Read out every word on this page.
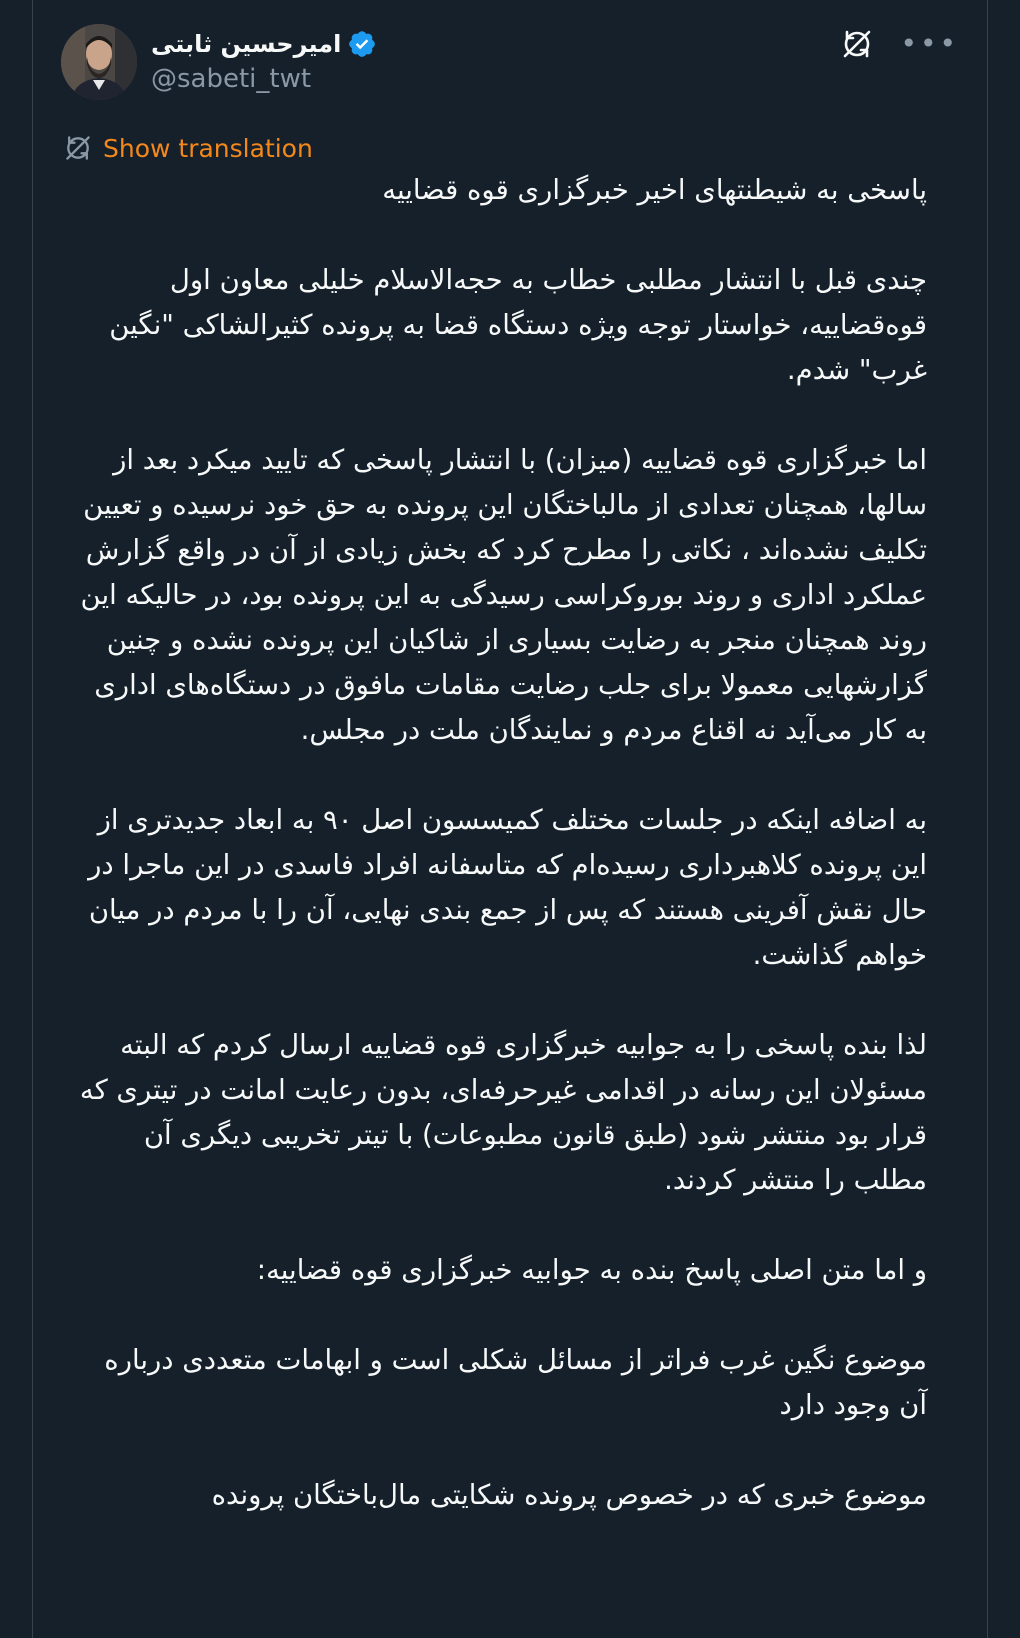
امیرحسین ثابتی
@sabeti_twt
•••
Show translation

پاسخی به شیطنتهای اخیر خبرگزاری قوه قضاییه

چندی قبل با انتشار مطلبی خطاب به حجه‌الاسلام خلیلی معاون اول قوه‌قضاییه، خواستار توجه ویژه دستگاه قضا به پرونده کثیرالشاکی "نگین غرب" شدم.

اما خبرگزاری قوه قضاییه (میزان) با انتشار پاسخی که تایید میکرد بعد از سالها، همچنان تعدادی از مالباختگان این پرونده به حق خود نرسیده و تعیین تکلیف نشده‌اند ، نکاتی را مطرح کرد که بخش زیادی از آن در واقع گزارش عملکرد اداری و روند بوروکراسی رسیدگی به این پرونده بود، در حالیکه این روند همچنان منجر به رضایت بسیاری از شاکیان این پرونده نشده و چنین گزارشهایی معمولا برای جلب رضایت مقامات مافوق در دستگاه‌های اداری به کار می‌آید نه اقناع مردم و نمایندگان ملت در مجلس.

به اضافه اینکه در جلسات مختلف کمیسسون اصل ۹۰ به ابعاد جدیدتری از این پرونده کلاهبرداری رسیده‌ام که متاسفانه افراد فاسدی در این ماجرا در حال نقش آفرینی هستند که پس از جمع بندی نهایی، آن را با مردم در میان خواهم گذاشت.

لذا بنده پاسخی را به جوابیه خبرگزاری قوه قضاییه ارسال کردم که البته مسئولان این رسانه در اقدامی غیرحرفه‌ای، بدون رعایت امانت در تیتری که قرار بود منتشر شود (طبق قانون مطبوعات) با تیتر تخریبی دیگری آن مطلب را منتشر کردند.

و اما متن اصلی پاسخ بنده به جوابیه خبرگزاری قوه قضاییه:

موضوع نگین غرب فراتر از مسائل شکلی است و ابهامات متعددی درباره آن وجود دارد

موضوع خبری که در خصوص پرونده شکایتی مال‌باختگان پرونده
